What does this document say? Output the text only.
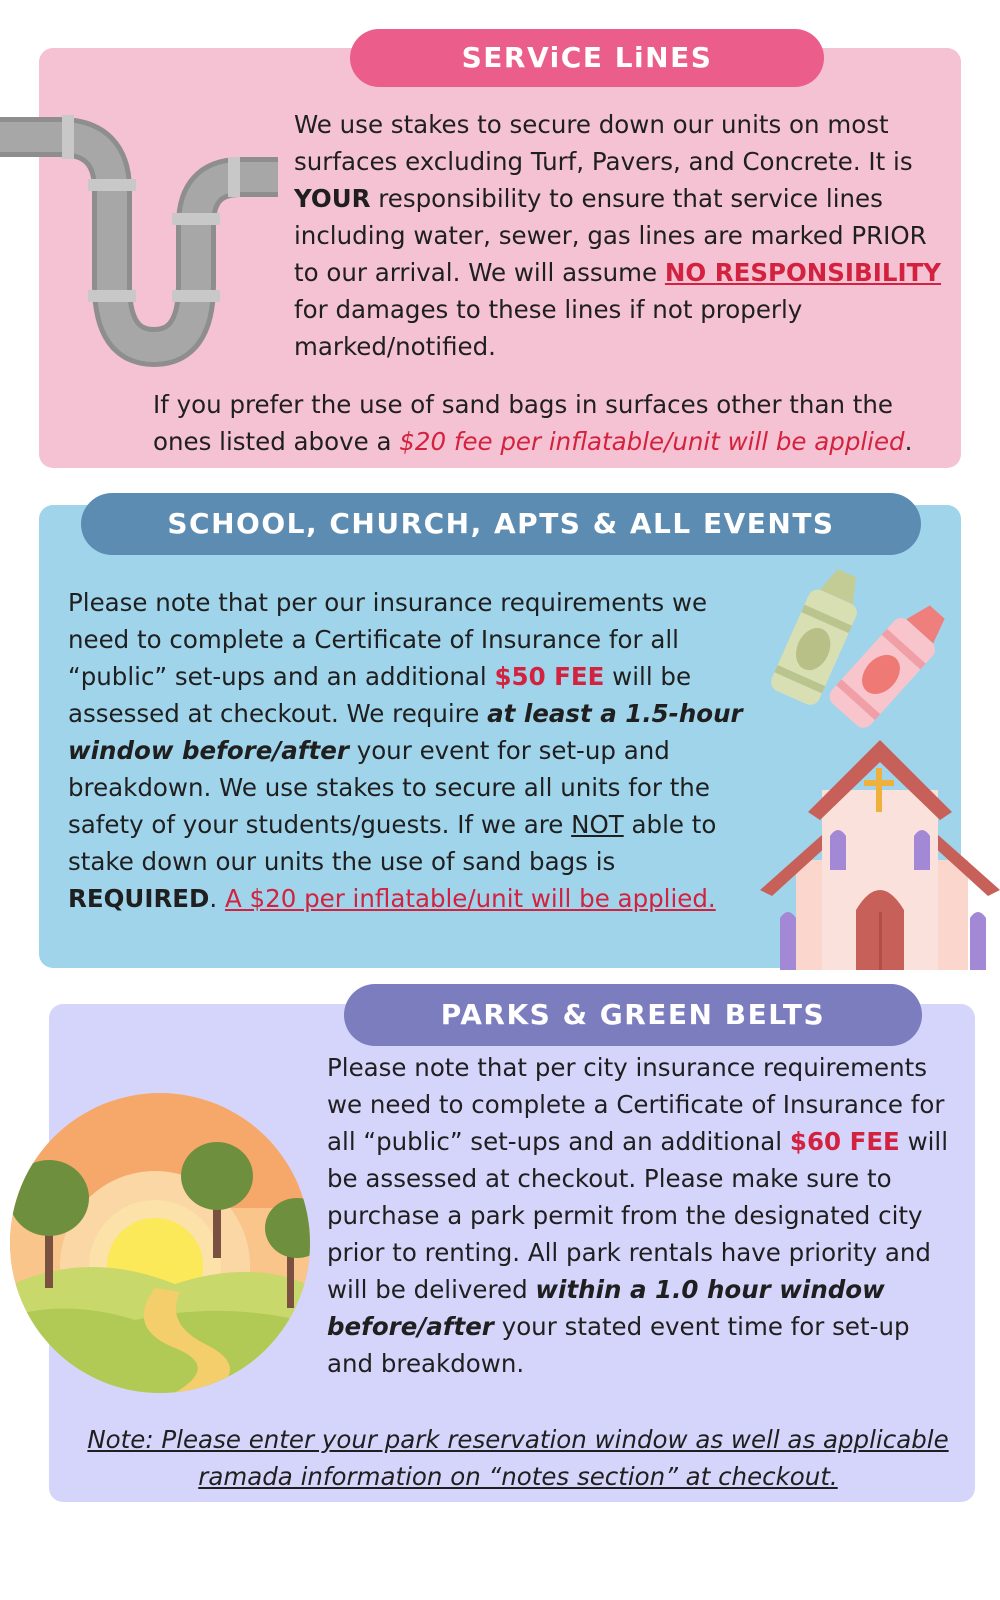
SERViCE LiNES

We use stakes to secure down our units on most surfaces excluding Turf, Pavers, and Concrete. It is YOUR responsibility to ensure that service lines including water, sewer, gas lines are marked PRIOR to our arrival. We will assume NO RESPONSIBILITY for damages to these lines if not properly marked/notified.

If you prefer the use of sand bags in surfaces other than the ones listed above a $20 fee per inflatable/unit will be applied.

SCHOOL, CHURCH, APTS & ALL EVENTS

Please note that per our insurance requirements we need to complete a Certificate of Insurance for all “public” set-ups and an additional $50 FEE will be assessed at checkout. We require at least a 1.5-hour window before/after your event for set-up and breakdown. We use stakes to secure all units for the safety of your students/guests. If we are NOT able to stake down our units the use of sand bags is REQUIRED. A $20 per inflatable/unit will be applied.

PARKS & GREEN BELTS

Please note that per city insurance requirements we need to complete a Certificate of Insurance for all “public” set-ups and an additional $60 FEE will be assessed at checkout. Please make sure to purchase a park permit from the designated city prior to renting. All park rentals have priority and will be delivered within a 1.0 hour window before/after your stated event time for set-up and breakdown.

Note: Please enter your park reservation window as well as applicable ramada information on “notes section” at checkout.
